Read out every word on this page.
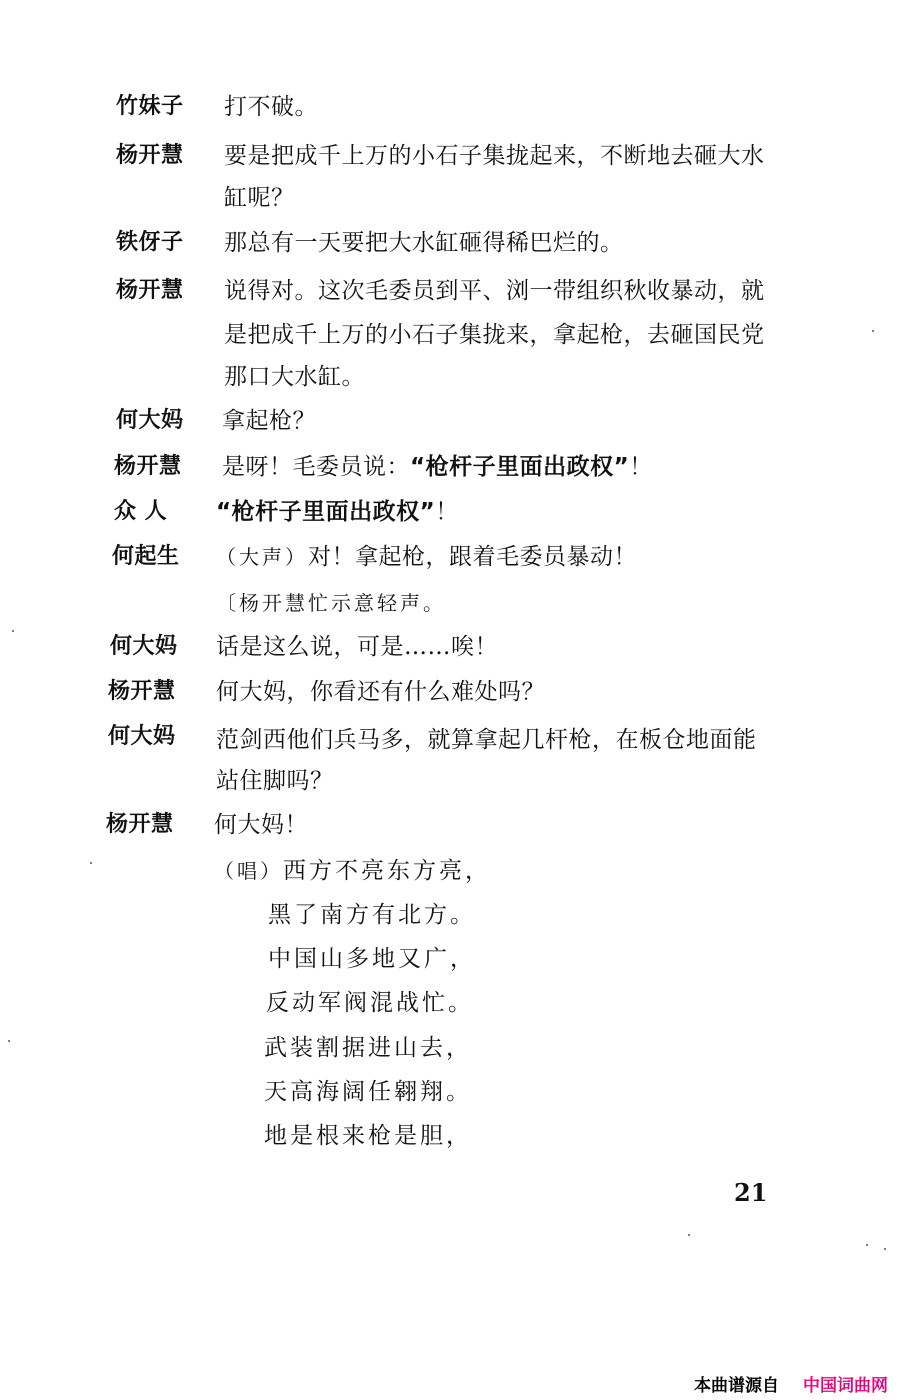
竹妹子 打不破。
杨开慧 要是把成千上万的小石子集拢起来，不断地去砸大水
缸呢？
铁伢子 那总有一天要把大水缸砸得稀巴烂的。
杨开慧 说得对。这次毛委员到平、浏一带组织秋收暴动，就
是把成千上万的小石子集拢来，拿起枪，去砸国民党
那口大水缸。
何大妈 拿起枪？
杨开慧 是呀！毛委员说：“枪杆子里面出政权”！
众 人 “枪杆子里面出政权”！
何起生 （大声）对！拿起枪，跟着毛委员暴动！
〔杨开慧忙示意轻声。
何大妈 话是这么说，可是……唉！
杨开慧 何大妈，你看还有什么难处吗？
何大妈 范剑西他们兵马多，就算拿起几杆枪，在板仓地面能
站住脚吗？
杨开慧 何大妈！
（唱）西方不亮东方亮，
黑了南方有北方。
中国山多地又广，
反动军阀混战忙。
武装割据进山去，
天高海阔任翱翔。
地是根来枪是胆，
21
本曲谱源自 中国词曲网
